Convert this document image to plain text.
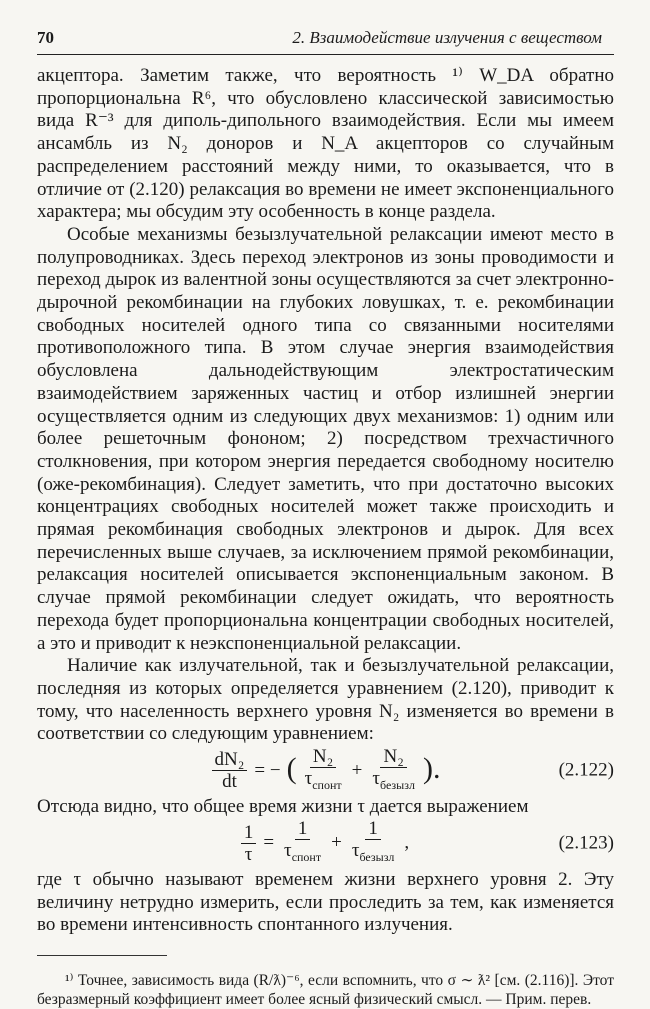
70	2. Взаимодействие излучения с веществом

акцептора. Заметим также, что вероятность ¹⁾ W_DA обратно пропорциональна R⁶, что обусловлено классической зависимостью вида R⁻³ для диполь-дипольного взаимодействия. Если мы имеем ансамбль из N₂ доноров и N_A акцепторов со случайным распределением расстояний между ними, то оказывается, что в отличие от (2.120) релаксация во времени не имеет экспоненциального характера; мы обсудим эту особенность в конце раздела.

Особые механизмы безызлучательной релаксации имеют место в полупроводниках. Здесь переход электронов из зоны проводимости и переход дырок из валентной зоны осуществляются за счет электронно-дырочной рекомбинации на глубоких ловушках, т. е. рекомбинации свободных носителей одного типа со связанными носителями противоположного типа. В этом случае энергия взаимодействия обусловлена дальнодействующим электростатическим взаимодействием заряженных частиц и отбор излишней энергии осуществляется одним из следующих двух механизмов: 1) одним или более решеточным фононом; 2) посредством трехчастичного столкновения, при котором энергия передается свободному носителю (оже-рекомбинация). Следует заметить, что при достаточно высоких концентрациях свободных носителей может также происходить и прямая рекомбинация свободных электронов и дырок. Для всех перечисленных выше случаев, за исключением прямой рекомбинации, релаксация носителей описывается экспоненциальным законом. В случае прямой рекомбинации следует ожидать, что вероятность перехода будет пропорциональна концентрации свободных носителей, а это и приводит к неэкспоненциальной релаксации.

Наличие как излучательной, так и безызлучательной релаксации, последняя из которых определяется уравнением (2.120), приводит к тому, что населенность верхнего уровня N₂ изменяется во времени в соответствии со следующим уравнением:

$\frac{\text{dN₂}}{dt}$ = − ( $\frac{\text{N₂}}{\tau_{спонт}} + \frac{\text{N₂}}{\tau_{безызл}}$ ).	(2.122)

Отсюда видно, что общее время жизни τ дается выражением

$\frac{1}{\tau} = \frac{1}{\tau_{спонт}} + \frac{1}{\tau_{безызл}}$ ,	(2.123)

где τ обычно называют временем жизни верхнего уровня 2. Эту величину нетрудно измерить, если проследить за тем, как изменяется во времени интенсивность спонтанного излучения.

¹⁾ Точнее, зависимость вида (R/ƛ)⁻⁶, если вспомнить, что σ ∼ ƛ² [см. (2.116)]. Этот безразмерный коэффициент имеет более ясный физический смысл. — Прим. перев.
